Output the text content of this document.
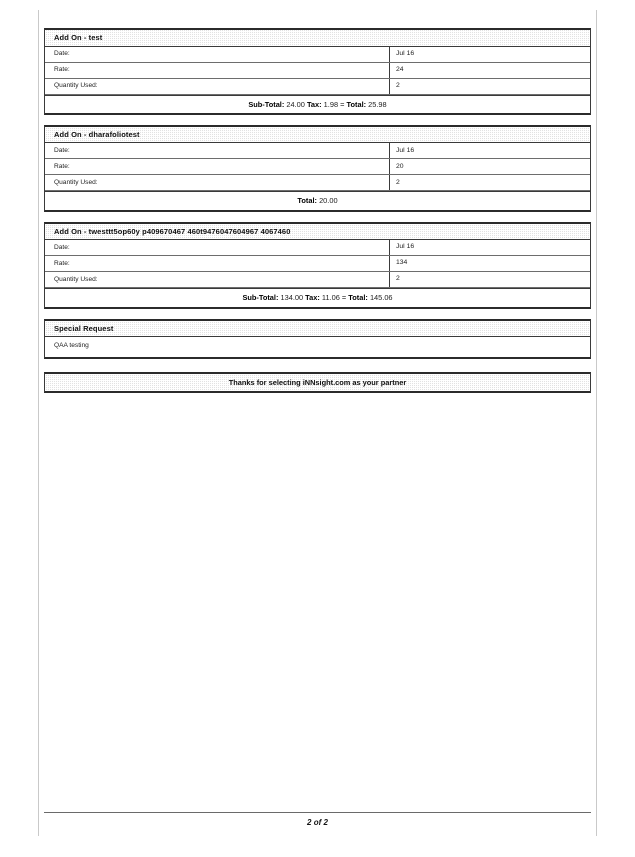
Add On - test
Date:	Jul 16
Rate:	24
Quantity Used:	2
Sub-Total: 24.00 Tax: 1.98 = Total: 25.98
Add On - dharafoliotest
Date:	Jul 16
Rate:	20
Quantity Used:	2
Total: 20.00
Add On - twesttt5op60y p409670467 460t9476047604967 4067460
Date:	Jul 16
Rate:	134
Quantity Used:	2
Sub-Total: 134.00 Tax: 11.06 = Total: 145.06
Special Request
QAA testing
Thanks for selecting iNNsight.com as your partner
2 of 2
